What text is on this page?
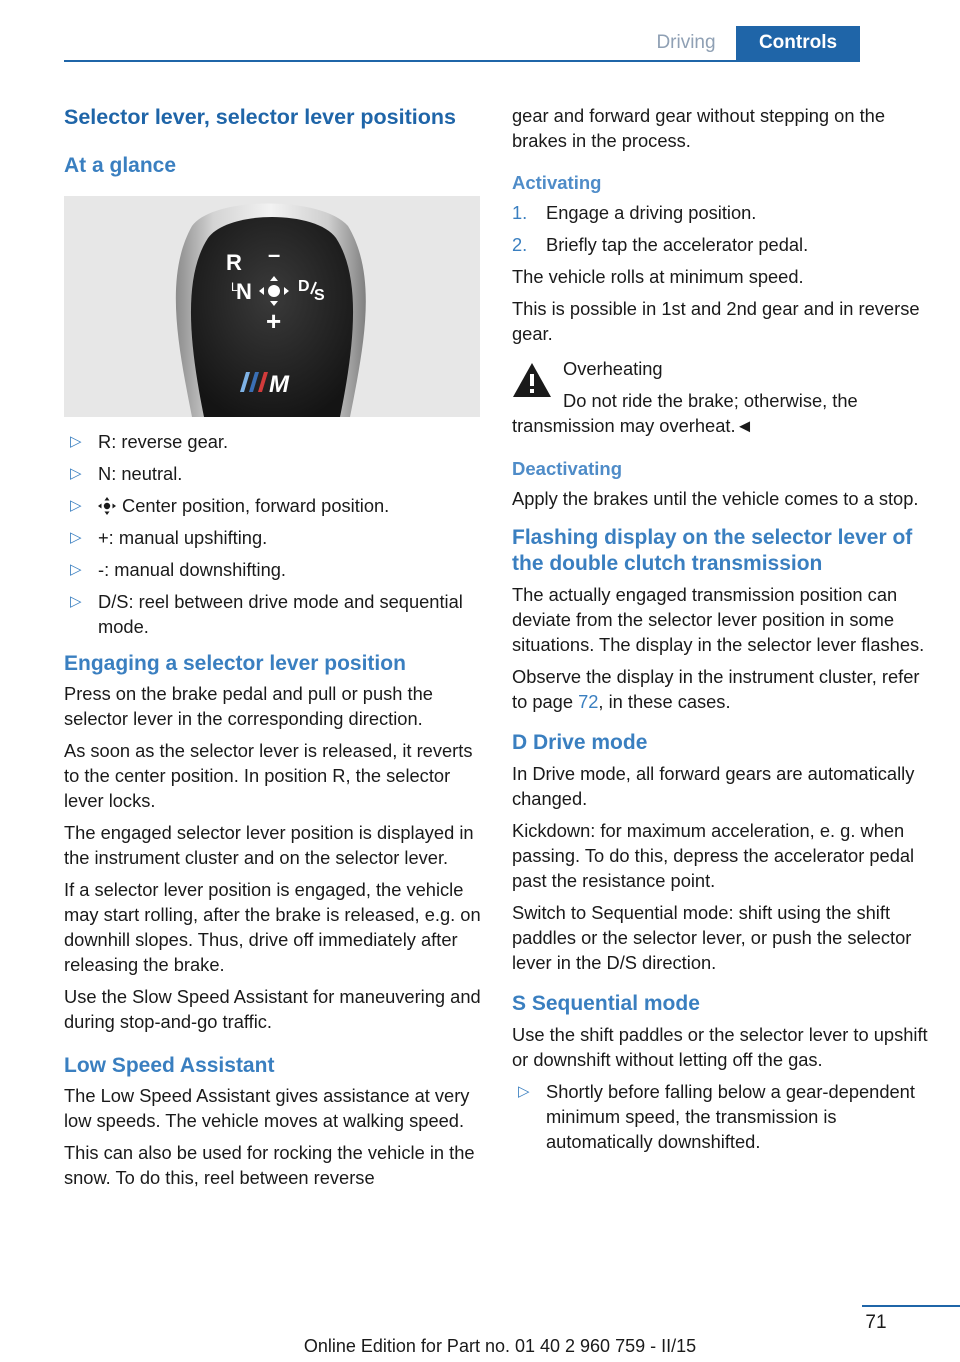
Driving	Controls
Selector lever, selector lever positions
At a glance
R –
L
N	D
S
+
M
▷ R: reverse gear.
▷ N: neutral.
▷ Center position, forward position.
▷ +: manual upshifting.
▷ -: manual downshifting.
▷ D/S: reel between drive mode and sequential mode.
Engaging a selector lever position
Press on the brake pedal and pull or push the selector lever in the corresponding direction.
As soon as the selector lever is released, it reverts to the center position. In position R, the selector lever locks.
The engaged selector lever position is displayed in the instrument cluster and on the selector lever.
If a selector lever position is engaged, the vehicle may start rolling, after the brake is released, e.g. on downhill slopes. Thus, drive off immediately after releasing the brake.
Use the Slow Speed Assistant for maneuvering and during stop-and-go traffic.
Low Speed Assistant
The Low Speed Assistant gives assistance at very low speeds. The vehicle moves at walking speed.
This can also be used for rocking the vehicle in the snow. To do this, reel between reverse
gear and forward gear without stepping on the brakes in the process.
Activating
1. Engage a driving position.
2. Briefly tap the accelerator pedal.
The vehicle rolls at minimum speed.
This is possible in 1st and 2nd gear and in reverse gear.
Overheating
Do not ride the brake; otherwise, the transmission may overheat.◄
Deactivating
Apply the brakes until the vehicle comes to a stop.
Flashing display on the selector lever of the double clutch transmission
The actually engaged transmission position can deviate from the selector lever position in some situations. The display in the selector lever flashes.
Observe the display in the instrument cluster, refer to page 72, in these cases.
D Drive mode
In Drive mode, all forward gears are automatically changed.
Kickdown: for maximum acceleration, e. g. when passing. To do this, depress the accelerator pedal past the resistance point.
Switch to Sequential mode: shift using the shift paddles or the selector lever, or push the selector lever in the D/S direction.
S Sequential mode
Use the shift paddles or the selector lever to upshift or downshift without letting off the gas.
▷ Shortly before falling below a gear-dependent minimum speed, the transmission is automatically downshifted.
71
Online Edition for Part no. 01 40 2 960 759 - II/15
